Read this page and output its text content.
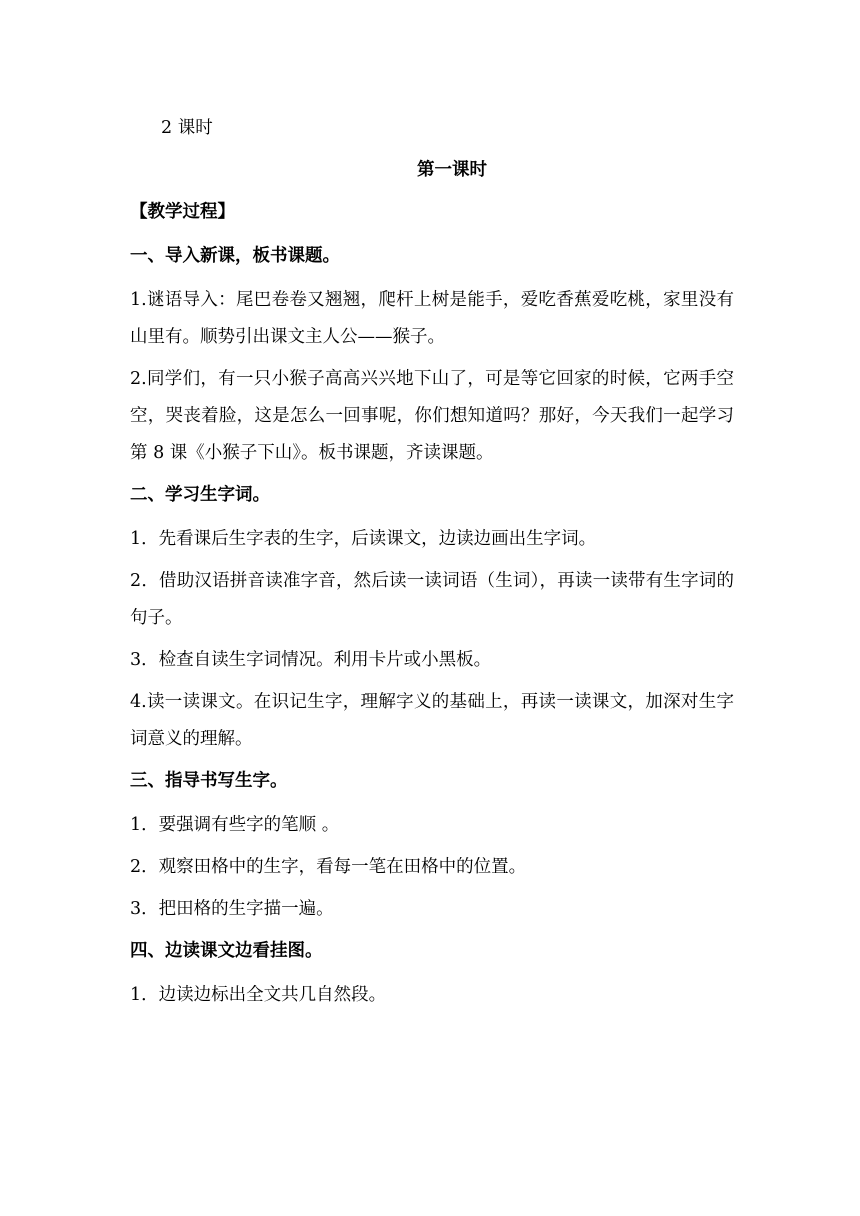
2 课时
第一课时
【教学过程】
一、导入新课，板书课题。
1.谜语导入：尾巴卷卷又翘翘，爬杆上树是能手，爱吃香蕉爱吃桃，家里没有山里有。顺势引出课文主人公——猴子。
2.同学们，有一只小猴子高高兴兴地下山了，可是等它回家的时候，它两手空空，哭丧着脸，这是怎么一回事呢，你们想知道吗？那好，今天我们一起学习第 8 课《小猴子下山》。板书课题，齐读课题。
二、学习生字词。
1．先看课后生字表的生字，后读课文，边读边画出生字词。
2．借助汉语拼音读准字音，然后读一读词语（生词），再读一读带有生字词的句子。
3．检查自读生字词情况。利用卡片或小黑板。
4.读一读课文。在识记生字，理解字义的基础上，再读一读课文，加深对生字词意义的理解。
三、指导书写生字。
1．要强调有些字的笔顺 。
2．观察田格中的生字，看每一笔在田格中的位置。
3．把田格的生字描一遍。
四、边读课文边看挂图。
1．边读边标出全文共几自然段。
